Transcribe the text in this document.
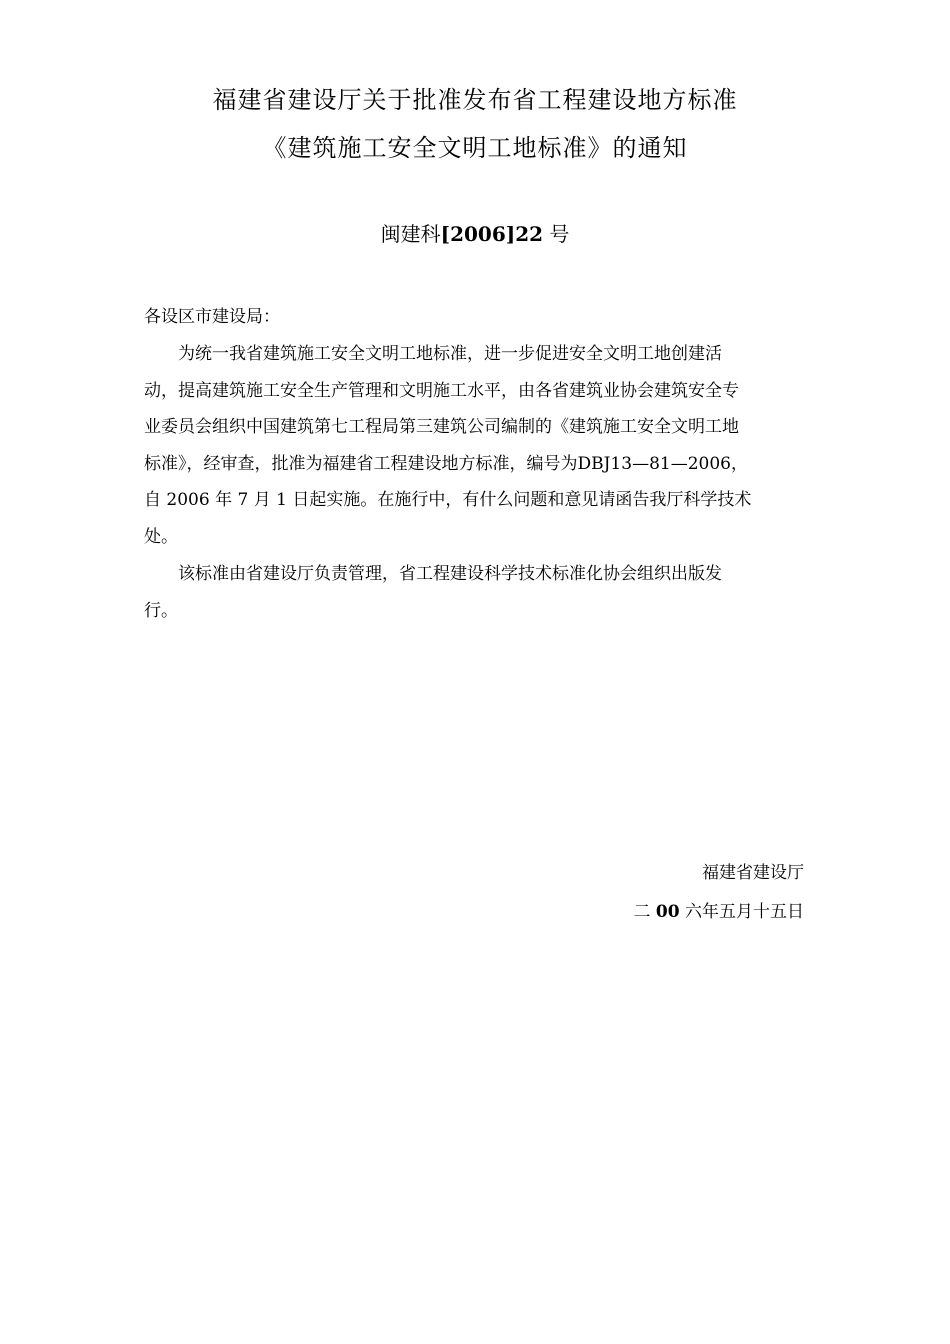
福建省建设厅关于批准发布省工程建设地方标准
《建筑施工安全文明工地标准》的通知
闽建科[2006]22 号
各设区市建设局：
为统一我省建筑施工安全文明工地标准，进一步促进安全文明工地创建活
动，提高建筑施工安全生产管理和文明施工水平，由各省建筑业协会建筑安全专
业委员会组织中国建筑第七工程局第三建筑公司编制的《建筑施工安全文明工地
标准》，经审查，批准为福建省工程建设地方标准，编号为DBJ13—81—2006，
自 2006 年 7 月 1 日起实施。在施行中，有什么问题和意见请函告我厅科学技术
处。
该标准由省建设厅负责管理，省工程建设科学技术标准化协会组织出版发
行。
福建省建设厅
二 00 六年五月十五日
